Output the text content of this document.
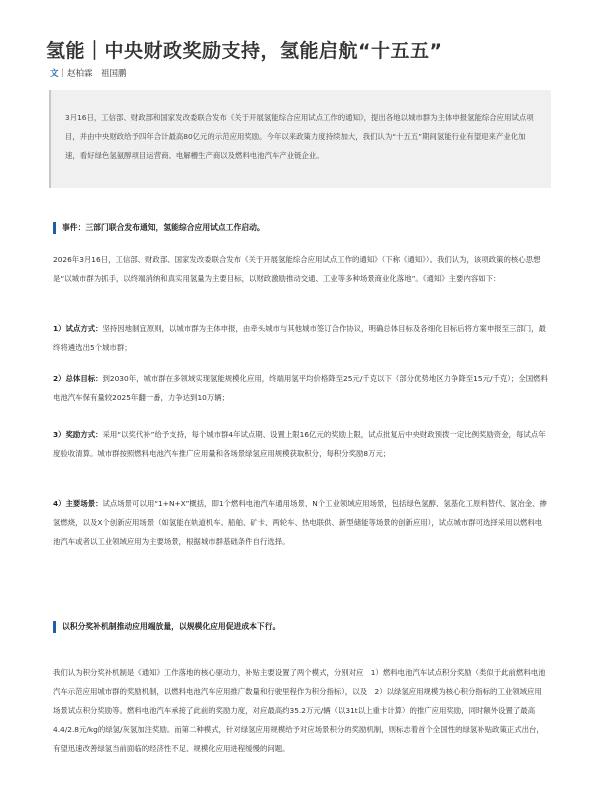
氢能｜中央财政奖励支持，氢能启航“十五五”
文｜赵柏霖　祖国鹏

3月16日，工信部、财政部和国家发改委联合发布《关于开展氢能综合应用试点工作的通知》，提出各地以城市群为主体申报氢能综合应用试点项目，并由中央财政给予四年合计最高80亿元的示范应用奖励。今年以来政策力度持续加大，我们认为“十五五”期间氢能行业有望迎来产业化加速，看好绿色氢氨醇项目运营商、电解槽生产商以及燃料电池汽车产业链企业。

事件：三部门联合发布通知，氢能综合应用试点工作启动。

2026年3月16日，工信部、财政部、国家发改委联合发布《关于开展氢能综合应用试点工作的通知》（下称《通知》）。我们认为，该项政策的核心思想是“以城市群为抓手，以终端消纳和真实用氢量为主要目标，以财政激励推动交通、工业等多种场景商业化落地”。《通知》主要内容如下：

1）试点方式：坚持因地制宜原则，以城市群为主体申报，由牵头城市与其他城市签订合作协议，明确总体目标及各细化目标后将方案申报至三部门，最终将遴选出5个城市群；

2）总体目标：到2030年，城市群在多领域实现氢能规模化应用，终端用氢平均价格降至25元/千克以下（部分优势地区力争降至15元/千克）；全国燃料电池汽车保有量较2025年翻一番，力争达到10万辆；

3）奖励方式：采用“以奖代补”给予支持，每个城市群4年试点期、设置上限16亿元的奖励上限，试点批复后中央财政预拨一定比例奖励资金，每试点年度验收清算。城市群按照燃料电池汽车推广应用量和各场景绿氢应用规模获取积分，每积分奖励8万元；

4）主要场景：试点场景可以用“1+N+X”概括，即1个燃料电池汽车通用场景、N个工业领域应用场景，包括绿色氢醇、氢基化工原料替代、氢冶金、掺氢燃烧，以及X个创新应用场景（如氢能在轨道机车、船舶、矿卡、两轮车、热电联供、新型储能等场景的创新应用），试点城市群可选择采用以燃料电池汽车或者以工业领域应用为主要场景，根据城市群基础条件自行选择。

以积分奖补机制推动应用端放量，以规模化应用促进成本下行。

我们认为积分奖补机制是《通知》工作落地的核心驱动力，补贴主要设置了两个模式，分别对应　1）燃料电池汽车试点积分奖励（类似于此前燃料电池汽车示范应用城市群的奖励机制，以燃料电池汽车应用推广数量和行驶里程作为积分指标），以及　2）以绿氢应用规模为核心积分指标的工业领域应用场景试点积分奖励等。燃料电池汽车承接了此前的奖励力度，对应最高约35.2万元/辆（以31t以上重卡计算）的推广应用奖励，同时额外设置了最高4.4/2.8元/kg的绿氢/灰氢加注奖励。而第二种模式，针对绿氢应用规模给予对应场景积分的奖励机制，则标志着首个全国性的绿氢补贴政策正式出台，有望迅速改善绿氢当前面临的经济性不足、规模化应用进程缓慢的问题。
